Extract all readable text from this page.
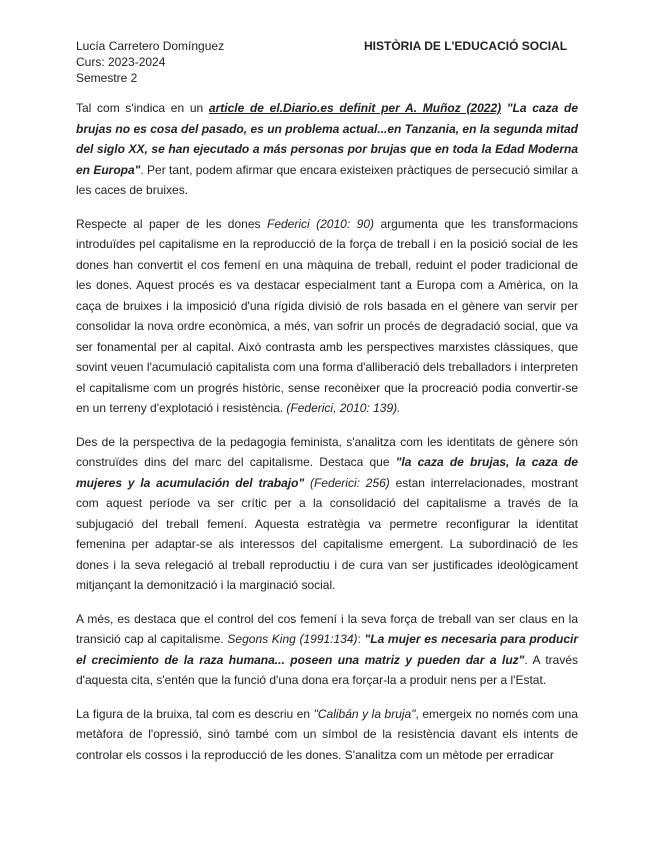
Lucía Carretero Domínguez
Curs: 2023-2024
Semestre 2
HISTÒRIA DE L'EDUCACIÓ SOCIAL

Tal com s'indica en un article de el.Diario.es definit per A. Muñoz (2022) "La caza de brujas no es cosa del pasado, es un problema actual...en Tanzania, en la segunda mitad del siglo XX, se han ejecutado a más personas por brujas que en toda la Edad Moderna en Europa". Per tant, podem afirmar que encara existeixen pràctiques de persecució similar a les caces de bruixes.

Respecte al paper de les dones Federici (2010: 90) argumenta que les transformacions introduïdes pel capitalisme en la reproducció de la força de treball i en la posició social de les dones han convertit el cos femení en una màquina de treball, reduint el poder tradicional de les dones. Aquest procés es va destacar especialment tant a Europa com a Amèrica, on la caça de bruixes i la imposició d'una rígida divisió de rols basada en el gènere van servir per consolidar la nova ordre econòmica, a més, van sofrir un procés de degradació social, que va ser fonamental per al capital. Això contrasta amb les perspectives marxistes clàssiques, que sovint veuen l'acumulació capitalista com una forma d'alliberació dels treballadors i interpreten el capitalisme com un progrés històric, sense reconèixer que la procreació podia convertir-se en un terreny d'explotació i resistència. (Federici, 2010: 139).

Des de la perspectiva de la pedagogia feminista, s'analitza com les identitats de gènere són construïdes dins del marc del capitalisme. Destaca que "la caza de brujas, la caza de mujeres y la acumulación del trabajo" (Federici: 256) estan interrelacionades, mostrant com aquest període va ser crític per a la consolidació del capitalisme a través de la subjugació del treball femení. Aquesta estratègia va permetre reconfigurar la identitat femenina per adaptar-se als interessos del capitalisme emergent. La subordinació de les dones i la seva relegació al treball reproductiu i de cura van ser justificades ideològicament mitjançant la demonització i la marginació social.

A més, es destaca que el control del cos femení i la seva força de treball van ser claus en la transició cap al capitalisme. Segons King (1991:134): "La mujer es necesaria para producir el crecimiento de la raza humana... poseen una matriz y pueden dar a luz". A través d'aquesta cita, s'entén que la funció d'una dona era forçar-la a produir nens per a l'Estat.

La figura de la bruixa, tal com es descriu en "Calibán y la bruja", emergeix no només com una metàfora de l'opressió, sinó també com un símbol de la resistència davant els intents de controlar els cossos i la reproducció de les dones. S'analitza com un mètode per erradicar
